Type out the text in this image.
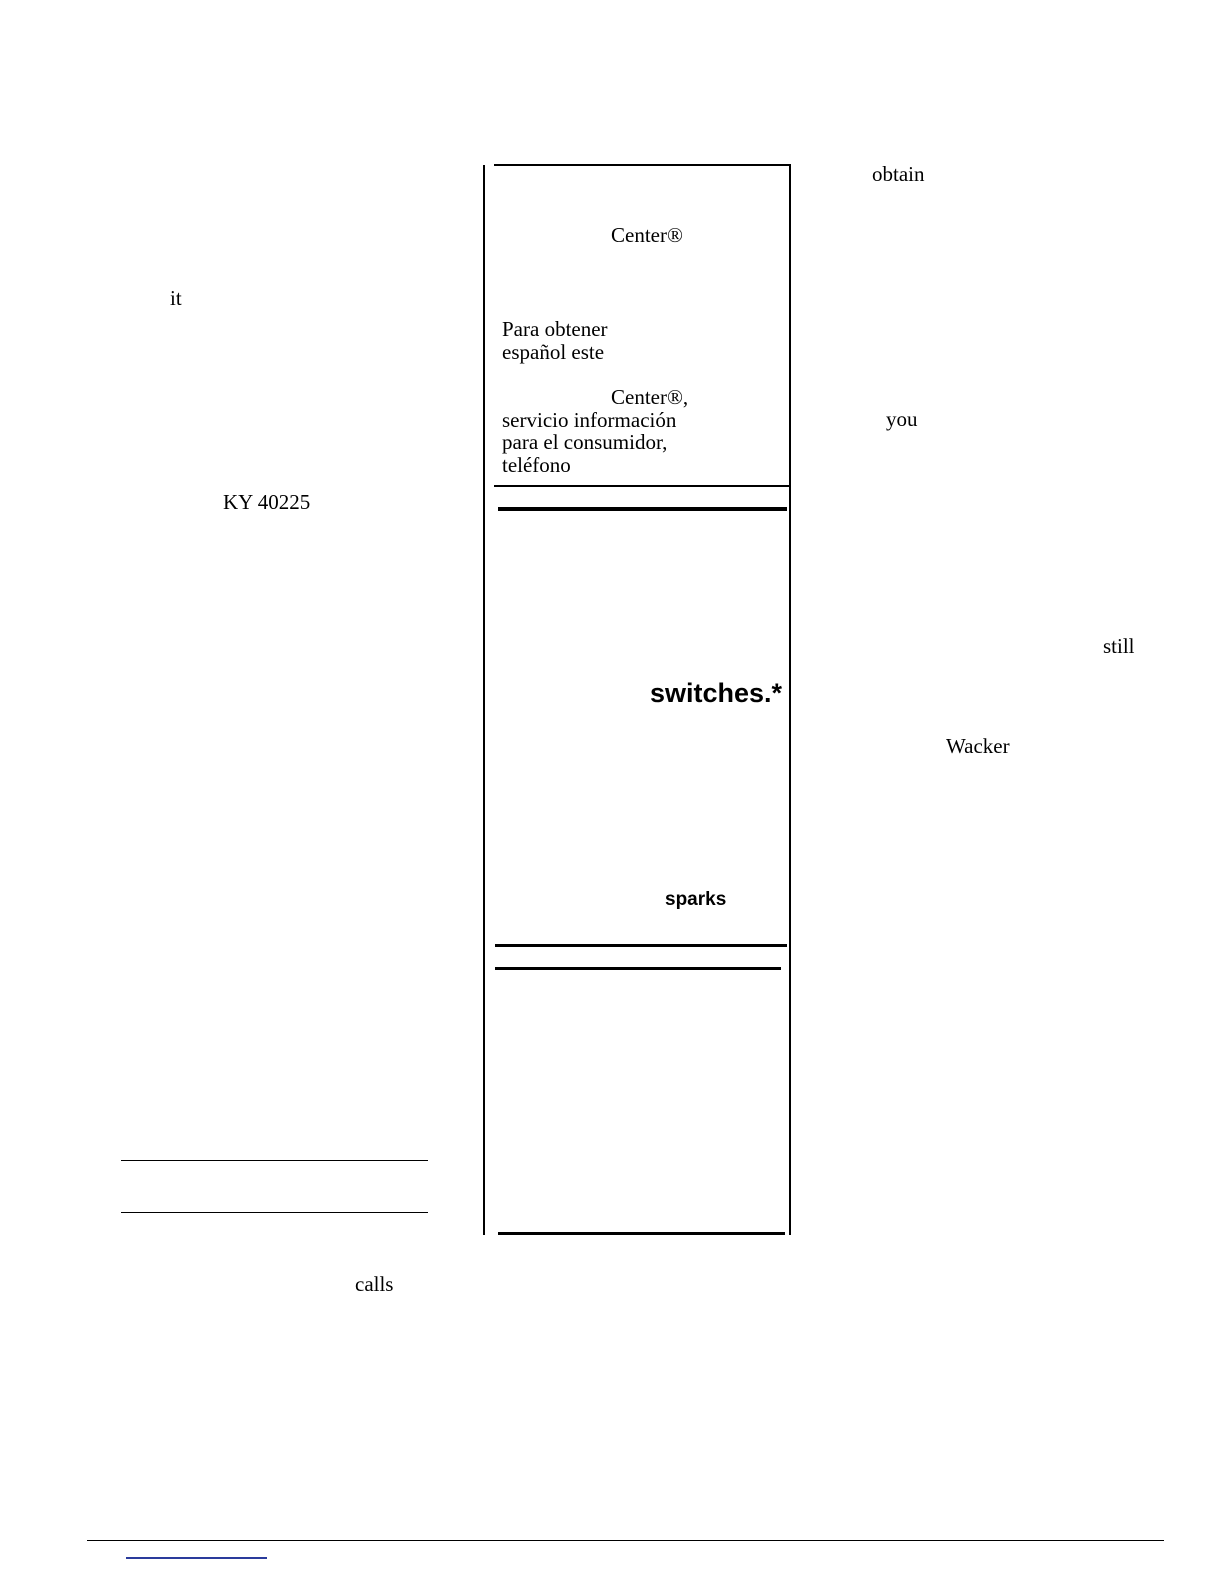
it
KY 40225
calls
Center®
Para obtener
español este
Center®,
servicio información
para el consumidor,
teléfono
switches.*
sparks
obtain
you
still
Wacker
